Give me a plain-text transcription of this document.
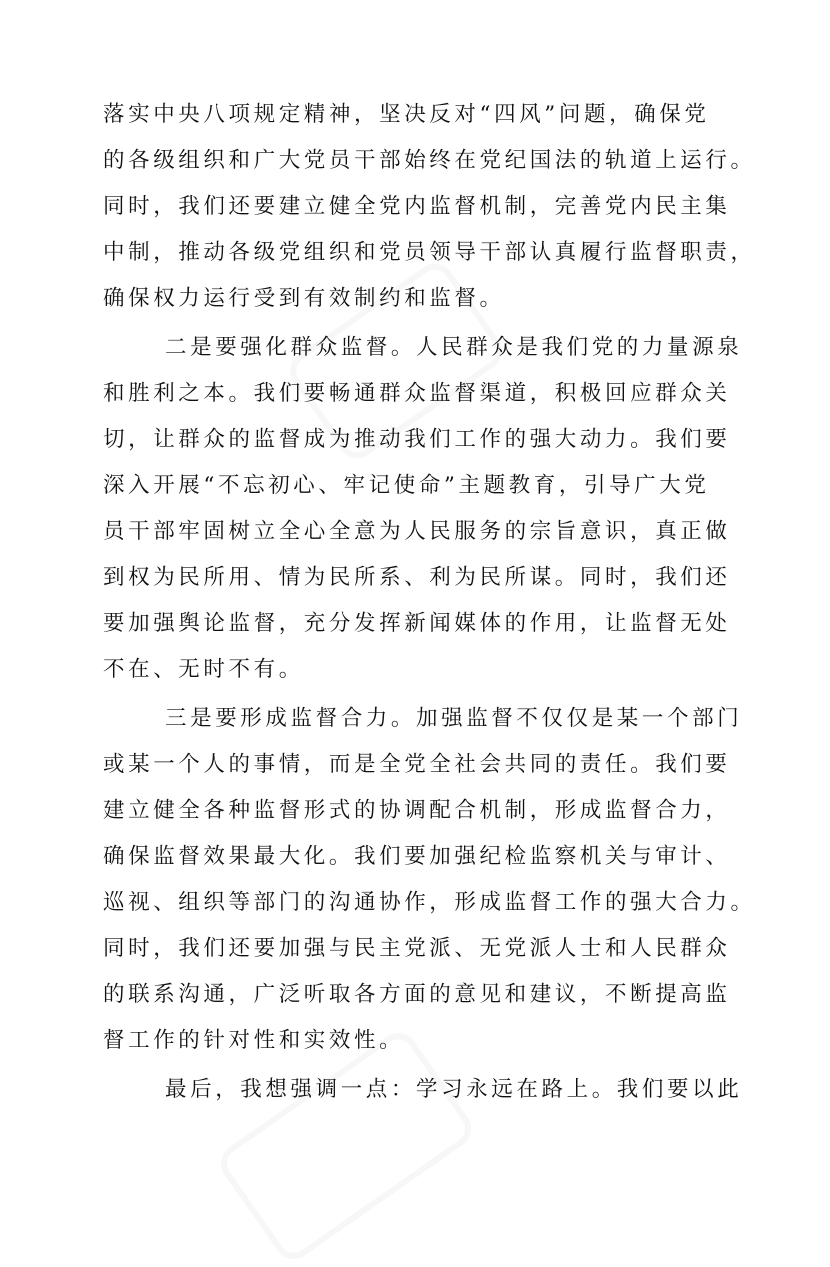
落实中央八项规定精神，坚决反对“四风”问题，确保党
的各级组织和广大党员干部始终在党纪国法的轨道上运行。
同时，我们还要建立健全党内监督机制，完善党内民主集
中制，推动各级党组织和党员领导干部认真履行监督职责，
确保权力运行受到有效制约和监督。
二是要强化群众监督。人民群众是我们党的力量源泉
和胜利之本。我们要畅通群众监督渠道，积极回应群众关
切，让群众的监督成为推动我们工作的强大动力。我们要
深入开展“不忘初心、牢记使命”主题教育，引导广大党
员干部牢固树立全心全意为人民服务的宗旨意识，真正做
到权为民所用、情为民所系、利为民所谋。同时，我们还
要加强舆论监督，充分发挥新闻媒体的作用，让监督无处
不在、无时不有。
三是要形成监督合力。加强监督不仅仅是某一个部门
或某一个人的事情，而是全党全社会共同的责任。我们要
建立健全各种监督形式的协调配合机制，形成监督合力，
确保监督效果最大化。我们要加强纪检监察机关与审计、
巡视、组织等部门的沟通协作，形成监督工作的强大合力。
同时，我们还要加强与民主党派、无党派人士和人民群众
的联系沟通，广泛听取各方面的意见和建议，不断提高监
督工作的针对性和实效性。
最后，我想强调一点：学习永远在路上。我们要以此
